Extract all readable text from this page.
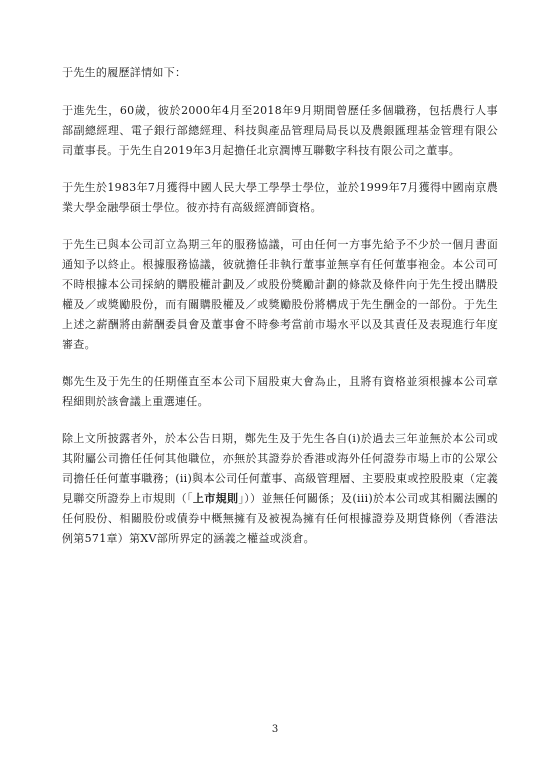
于先生的履歷詳情如下：

于進先生，60歲，彼於2000年4月至2018年9月期間曾歷任多個職務，包括農行人事部副總經理、電子銀行部總經理、科技與產品管理局局長以及農銀匯理基金管理有限公司董事長。于先生自2019年3月起擔任北京潤博互聯數字科技有限公司之董事。

于先生於1983年7月獲得中國人民大學工學學士學位，並於1999年7月獲得中國南京農業大學金融學碩士學位。彼亦持有高級經濟師資格。

于先生已與本公司訂立為期三年的服務協議，可由任何一方事先給予不少於一個月書面通知予以終止。根據服務協議，彼就擔任非執行董事並無享有任何董事袍金。本公司可不時根據本公司採納的購股權計劃及／或股份獎勵計劃的條款及條件向于先生授出購股權及／或獎勵股份，而有關購股權及／或獎勵股份將構成于先生酬金的一部份。于先生上述之薪酬將由薪酬委員會及董事會不時參考當前市場水平以及其責任及表現進行年度審查。

鄭先生及于先生的任期僅直至本公司下屆股東大會為止，且將有資格並須根據本公司章程細則於該會議上重選連任。

除上文所披露者外，於本公告日期，鄭先生及于先生各自(i)於過去三年並無於本公司或其附屬公司擔任任何其他職位，亦無於其證券於香港或海外任何證券市場上市的公眾公司擔任任何董事職務；(ii)與本公司任何董事、高級管理層、主要股東或控股股東（定義見聯交所證券上市規則（「上市規則」））並無任何關係；及(iii)於本公司或其相關法團的任何股份、相關股份或債券中概無擁有及被視為擁有任何根據證券及期貨條例（香港法例第571章）第XV部所界定的涵義之權益或淡倉。

3
